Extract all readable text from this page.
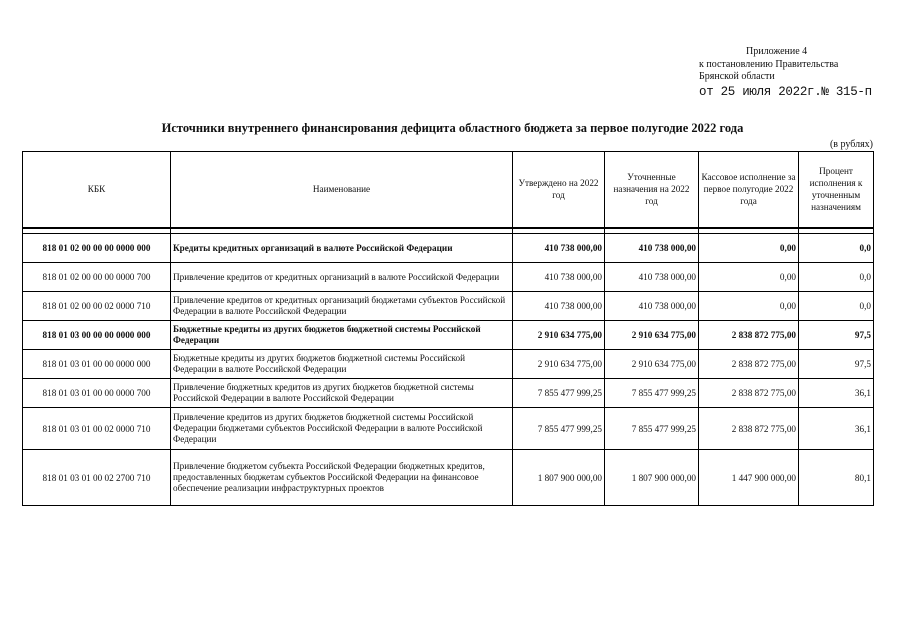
Приложение 4
к постановлению Правительства
Брянской области
от 25 июля 2022г.№ 315-п
Источники внутреннего финансирования дефицита областного бюджета за первое полугодие 2022 года
(в рублях)
КБК	Наименование	Утверждено на 2022 год	Уточненные назначения на 2022 год	Кассовое исполнение за первое полугодие 2022 года	Процент исполнения к уточненным назначениям

818 01 02 00 00 00 0000 000	Кредиты кредитных организаций в валюте Российской Федерации	410 738 000,00	410 738 000,00	0,00	0,0
818 01 02 00 00 00 0000 700	Привлечение кредитов от кредитных организаций в валюте Российской Федерации	410 738 000,00	410 738 000,00	0,00	0,0
818 01 02 00 00 02 0000 710	Привлечение кредитов от кредитных организаций бюджетами субъектов Российской Федерации в валюте Российской Федерации	410 738 000,00	410 738 000,00	0,00	0,0
818 01 03 00 00 00 0000 000	Бюджетные кредиты из других бюджетов бюджетной системы Российской Федерации	2 910 634 775,00	2 910 634 775,00	2 838 872 775,00	97,5
818 01 03 01 00 00 0000 000	Бюджетные кредиты из других бюджетов бюджетной системы Российской Федерации в валюте Российской Федерации	2 910 634 775,00	2 910 634 775,00	2 838 872 775,00	97,5
818 01 03 01 00 00 0000 700	Привлечение бюджетных кредитов из других бюджетов бюджетной системы Российской Федерации в валюте Российской Федерации	7 855 477 999,25	7 855 477 999,25	2 838 872 775,00	36,1
818 01 03 01 00 02 0000 710	Привлечение кредитов из других бюджетов бюджетной системы Российской Федерации бюджетами субъектов Российской Федерации в валюте Российской Федерации	7 855 477 999,25	7 855 477 999,25	2 838 872 775,00	36,1
818 01 03 01 00 02 2700 710	Привлечение бюджетом субъекта Российской Федерации бюджетных кредитов, предоставленных бюджетам субъектов Российской Федерации на финансовое обеспечение реализации инфраструктурных проектов	1 807 900 000,00	1 807 900 000,00	1 447 900 000,00	80,1
